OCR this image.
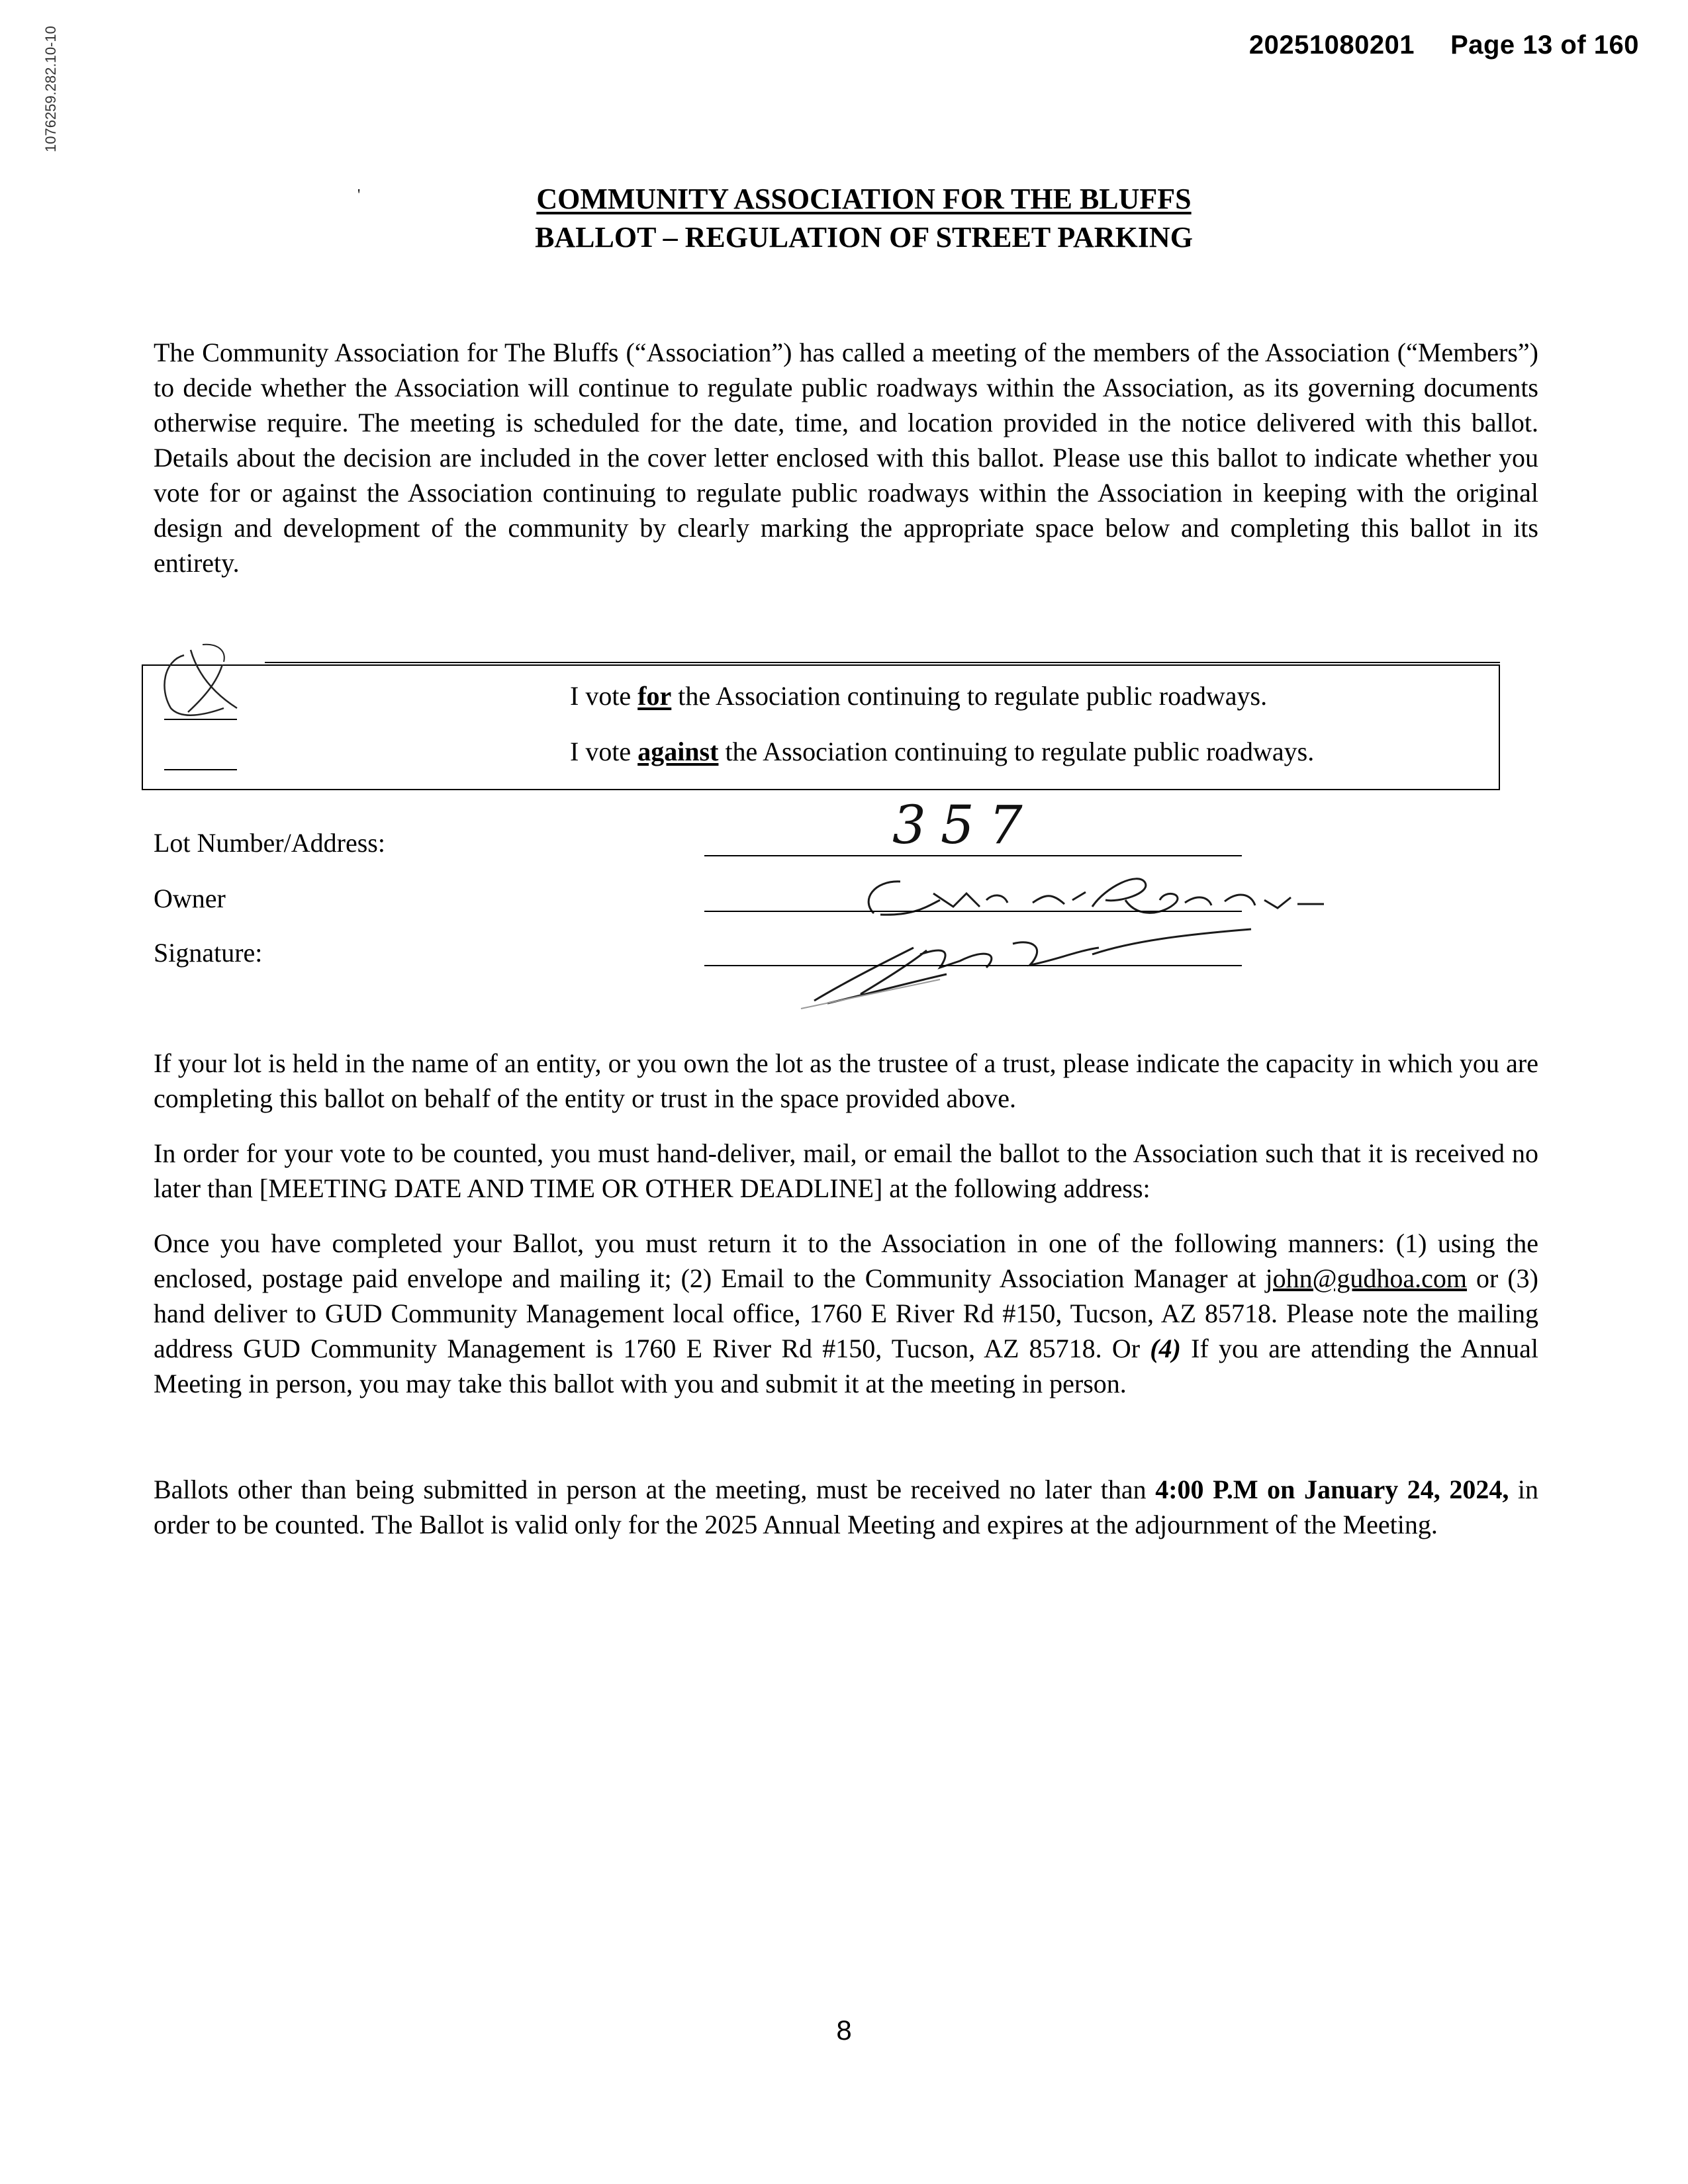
1076259.282.10-10	20251080201 Page 13 of 160
'	COMMUNITY ASSOCIATION FOR THE BLUFFS
BALLOT – REGULATION OF STREET PARKING

The Community Association for The Bluffs (“Association”) has called a meeting of the members of the Association (“Members”) to decide whether the Association will continue to regulate public roadways within the Association, as its governing documents otherwise require. The meeting is scheduled for the date, time, and location provided in the notice delivered with this ballot. Details about the decision are included in the cover letter enclosed with this ballot. Please use this ballot to indicate whether you vote for or against the Association continuing to regulate public roadways within the Association in keeping with the original design and development of the community by clearly marking the appropriate space below and completing this ballot in its entirety.

I vote for the Association continuing to regulate public roadways.
I vote against the Association continuing to regulate public roadways.
Lot Number/Address:	357
Owner
Signature:

If your lot is held in the name of an entity, or you own the lot as the trustee of a trust, please indicate the capacity in which you are completing this ballot on behalf of the entity or trust in the space provided above.

In order for your vote to be counted, you must hand-deliver, mail, or email the ballot to the Association such that it is received no later than [MEETING DATE AND TIME OR OTHER DEADLINE] at the following address:

Once you have completed your Ballot, you must return it to the Association in one of the following manners: (1) using the enclosed, postage paid envelope and mailing it; (2) Email to the Community Association Manager at john@gudhoa.com or (3) hand deliver to GUD Community Management local office, 1760 E River Rd #150, Tucson, AZ 85718. Please note the mailing address GUD Community Management is 1760 E River Rd #150, Tucson, AZ 85718. Or (4) If you are attending the Annual Meeting in person, you may take this ballot with you and submit it at the meeting in person.

Ballots other than being submitted in person at the meeting, must be received no later than 4:00 P.M on January 24, 2024, in order to be counted. The Ballot is valid only for the 2025 Annual Meeting and expires at the adjournment of the Meeting.

8
